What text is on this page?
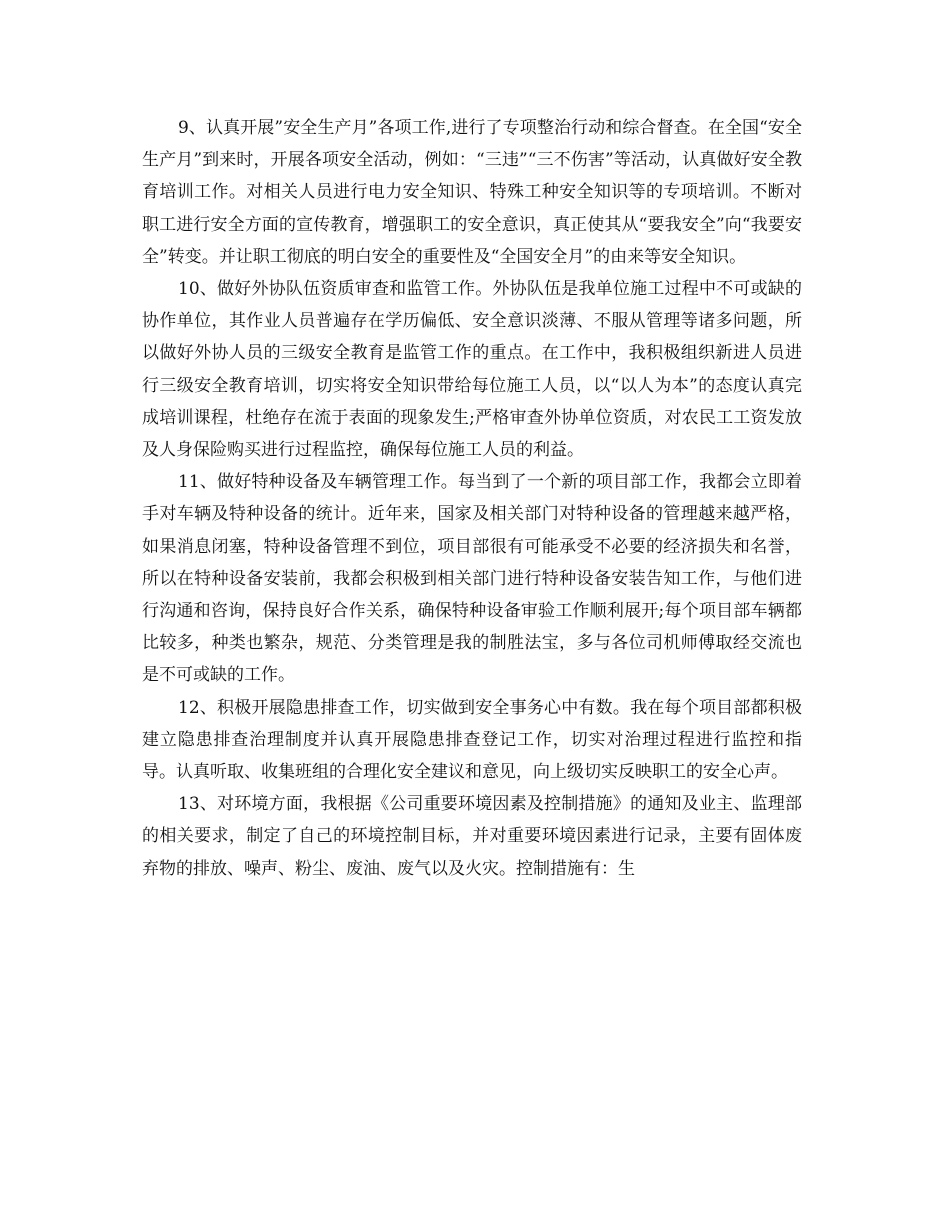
9、认真开展”安全生产月”各项工作,进行了专项整治行动和综合督查。在全国“安全生产月”到来时，开展各项安全活动，例如：“三违”“三不伤害”等活动，认真做好安全教育培训工作。对相关人员进行电力安全知识、特殊工种安全知识等的专项培训。不断对职工进行安全方面的宣传教育，增强职工的安全意识，真正使其从“要我安全”向“我要安全”转变。并让职工彻底的明白安全的重要性及“全国安全月”的由来等安全知识。

10、做好外协队伍资质审查和监管工作。外协队伍是我单位施工过程中不可或缺的协作单位，其作业人员普遍存在学历偏低、安全意识淡薄、不服从管理等诸多问题，所以做好外协人员的三级安全教育是监管工作的重点。在工作中，我积极组织新进人员进行三级安全教育培训，切实将安全知识带给每位施工人员，以“以人为本”的态度认真完成培训课程，杜绝存在流于表面的现象发生;严格审查外协单位资质，对农民工工资发放及人身保险购买进行过程监控，确保每位施工人员的利益。

11、做好特种设备及车辆管理工作。每当到了一个新的项目部工作，我都会立即着手对车辆及特种设备的统计。近年来，国家及相关部门对特种设备的管理越来越严格，如果消息闭塞，特种设备管理不到位，项目部很有可能承受不必要的经济损失和名誉，所以在特种设备安装前，我都会积极到相关部门进行特种设备安装告知工作，与他们进行沟通和咨询，保持良好合作关系，确保特种设备审验工作顺利展开;每个项目部车辆都比较多，种类也繁杂，规范、分类管理是我的制胜法宝，多与各位司机师傅取经交流也是不可或缺的工作。

12、积极开展隐患排查工作，切实做到安全事务心中有数。我在每个项目部都积极建立隐患排查治理制度并认真开展隐患排查登记工作，切实对治理过程进行监控和指导。认真听取、收集班组的合理化安全建议和意见，向上级切实反映职工的安全心声。

13、对环境方面，我根据《公司重要环境因素及控制措施》的通知及业主、监理部的相关要求，制定了自己的环境控制目标，并对重要环境因素进行记录，主要有固体废弃物的排放、噪声、粉尘、废油、废气以及火灾。控制措施有：生
